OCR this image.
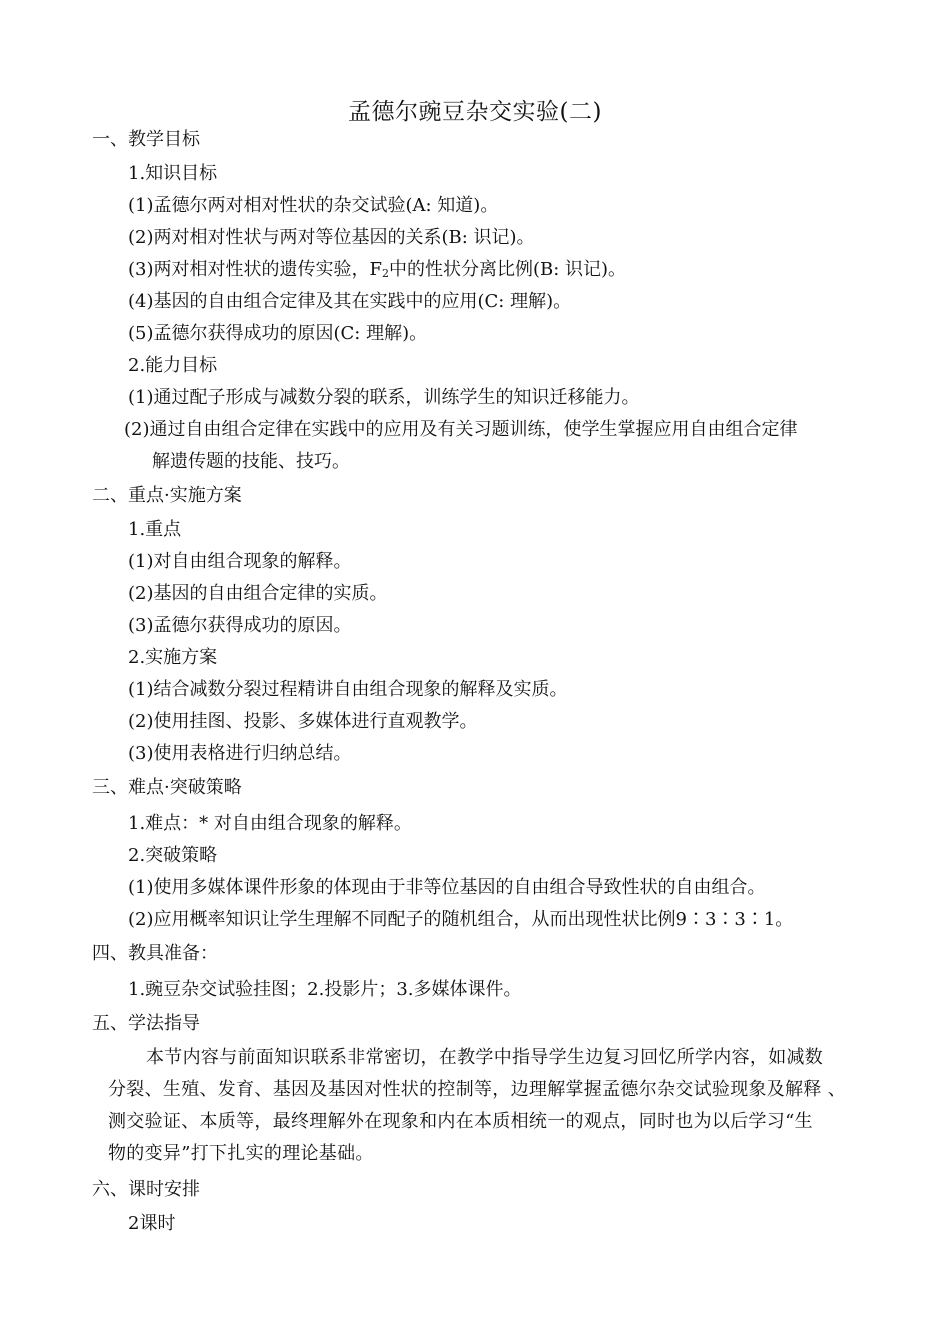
孟德尔豌豆杂交实验(二)
一、教学目标
1.知识目标
(1)孟德尔两对相对性状的杂交试验(A: 知道)。
(2)两对相对性状与两对等位基因的关系(B: 识记)。
(3)两对相对性状的遗传实验，$F_2$中的性状分离比例(B: 识记)。
(4)基因的自由组合定律及其在实践中的应用(C: 理解)。
(5)孟德尔获得成功的原因(C: 理解)。
2.能力目标
(1)通过配子形成与减数分裂的联系，训练学生的知识迁移能力。
(2)通过自由组合定律在实践中的应用及有关习题训练，使学生掌握应用自由组合定律
解遗传题的技能、技巧。
二、重点·实施方案
1.重点
(1)对自由组合现象的解释。
(2)基因的自由组合定律的实质。
(3)孟德尔获得成功的原因。
2.实施方案
(1)结合减数分裂过程精讲自由组合现象的解释及实质。
(2)使用挂图、投影、多媒体进行直观教学。
(3)使用表格进行归纳总结。
三、难点·突破策略
1.难点：* 对自由组合现象的解释。
2.突破策略
(1)使用多媒体课件形象的体现由于非等位基因的自由组合导致性状的自由组合。
(2)应用概率知识让学生理解不同配子的随机组合，从而出现性状比例9∶3∶3∶1。
四、教具准备：
1.豌豆杂交试验挂图；2.投影片；3.多媒体课件。
五、学法指导
本节内容与前面知识联系非常密切，在教学中指导学生边复习回忆所学内容，如减数
分裂、生殖、发育、基因及基因对性状的控制等，边理解掌握孟德尔杂交试验现象及解释 、
测交验证、本质等，最终理解外在现象和内在本质相统一的观点，同时也为以后学习“生
物的变异”打下扎实的理论基础。
六、课时安排
2课时
